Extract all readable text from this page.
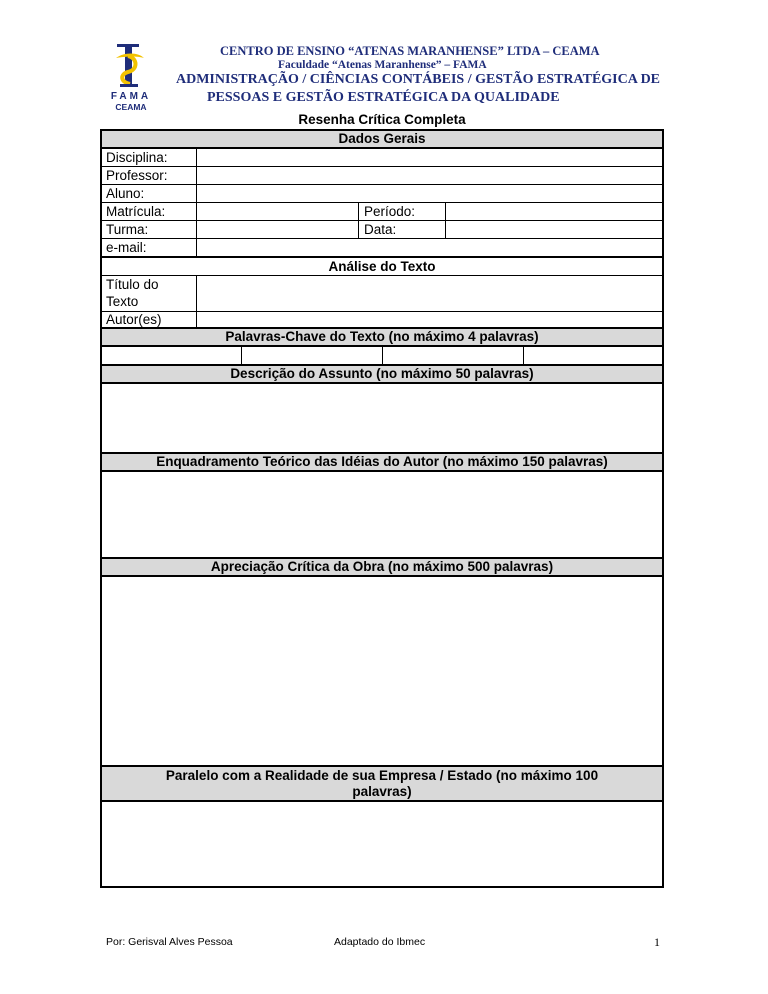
FAMA
CEAMA
CENTRO DE ENSINO “ATENAS MARANHENSE” LTDA – CEAMA
Faculdade “Atenas Maranhense” – FAMA
ADMINISTRAÇÃO / CIÊNCIAS CONTÁBEIS / GESTÃO ESTRATÉGICA DE
PESSOAS E GESTÃO ESTRATÉGICA DA QUALIDADE
Resenha Crítica Completa
Dados Gerais
Disciplina:
Professor:
Aluno:
Matrícula:	Período:
Turma:	Data:
e-mail:
Análise do Texto
Título do
Texto
Autor(es)
Palavras-Chave do Texto (no máximo 4 palavras)
Descrição do Assunto (no máximo 50 palavras)
Enquadramento Teórico das Idéias do Autor (no máximo 150 palavras)
Apreciação Crítica da Obra (no máximo 500 palavras)
Paralelo com a Realidade de sua Empresa / Estado (no máximo 100
palavras)
Por: Gerisval Alves Pessoa	Adaptado do Ibmec	1
